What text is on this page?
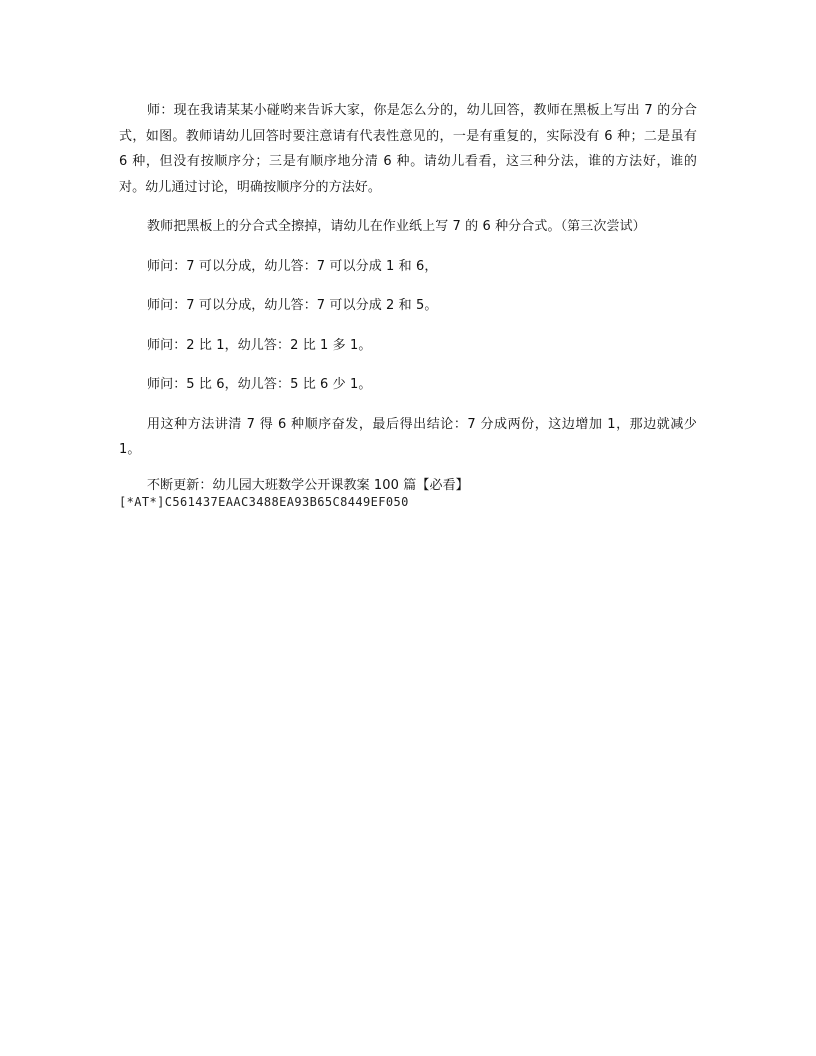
师：现在我请某某小碰哟来告诉大家，你是怎么分的，幼儿回答，教师在黑板上写出 7 的分合式，如图。教师请幼儿回答时要注意请有代表性意见的，一是有重复的，实际没有 6 种；二是虽有 6 种，但没有按顺序分；三是有顺序地分清 6 种。请幼儿看看，这三种分法，谁的方法好，谁的对。幼儿通过讨论，明确按顺序分的方法好。

教师把黑板上的分合式全擦掉，请幼儿在作业纸上写 7 的 6 种分合式。（第三次尝试）

师问：7 可以分成，幼儿答：7 可以分成 1 和 6，

师问：7 可以分成，幼儿答：7 可以分成 2 和 5。

师问：2 比 1，幼儿答：2 比 1 多 1。

师问：5 比 6，幼儿答：5 比 6 少 1。

用这种方法讲清 7 得 6 种顺序奋发，最后得出结论：7 分成两份，这边增加 1，那边就减少 1。

不断更新：幼儿园大班数学公开课教案 100 篇【必看】

[*AT*]C561437EAAC3488EA93B65C8449EF050
